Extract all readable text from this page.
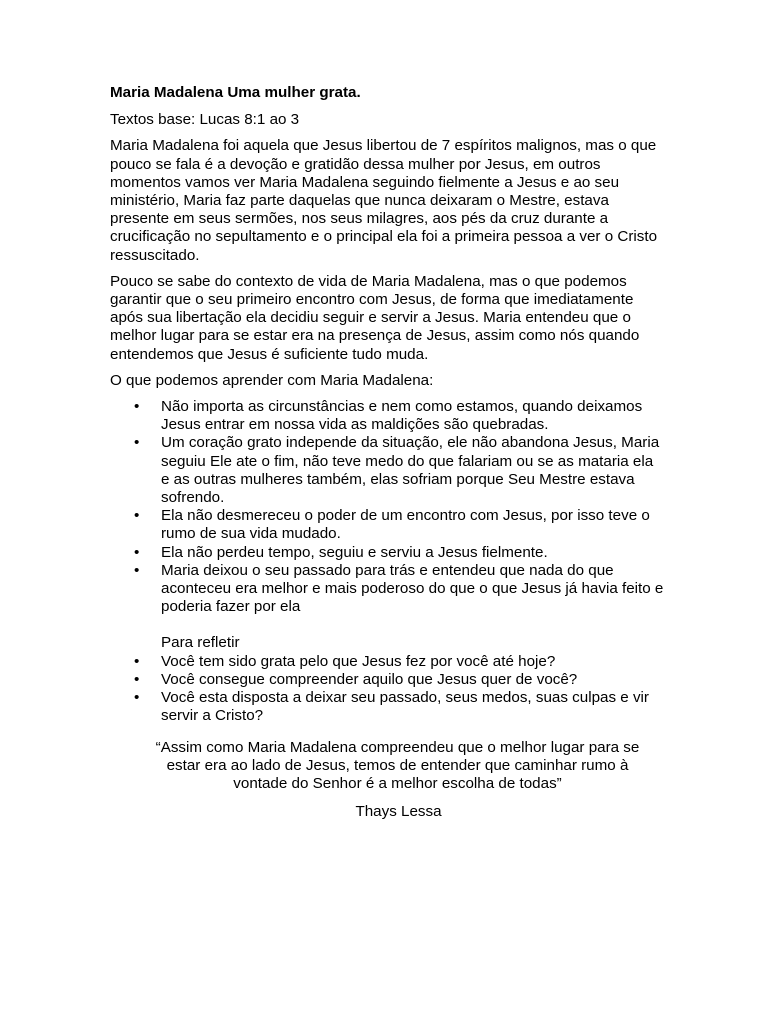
Maria Madalena Uma mulher grata.

Textos base: Lucas 8:1 ao 3

Maria Madalena foi aquela que Jesus libertou de 7 espíritos malignos, mas o que pouco se fala é a devoção e gratidão dessa mulher por Jesus, em outros momentos vamos ver Maria Madalena seguindo fielmente a Jesus e ao seu ministério, Maria faz parte daquelas que nunca deixaram o Mestre, estava presente em seus sermões, nos seus milagres, aos pés da cruz durante a crucificação no sepultamento e o principal ela foi a primeira pessoa a ver o Cristo ressuscitado.

Pouco se sabe do contexto de vida de Maria Madalena, mas o que podemos garantir que o seu primeiro encontro com Jesus, de forma que imediatamente após sua libertação ela decidiu seguir e servir a Jesus. Maria entendeu que o melhor lugar para se estar era na presença de Jesus, assim como nós quando entendemos que Jesus é suficiente tudo muda.

O que podemos aprender com Maria Madalena:

• Não importa as circunstâncias e nem como estamos, quando deixamos Jesus entrar em nossa vida as maldições são quebradas.
• Um coração grato independe da situação, ele não abandona Jesus, Maria seguiu Ele ate o fim, não teve medo do que falariam ou se as mataria ela e as outras mulheres também, elas sofriam porque Seu Mestre estava sofrendo.
• Ela não desmereceu o poder de um encontro com Jesus, por isso teve o rumo de sua vida mudado.
• Ela não perdeu tempo, seguiu e serviu a Jesus fielmente.
• Maria deixou o seu passado para trás e entendeu que nada do que aconteceu era melhor e mais poderoso do que o que Jesus já havia feito e poderia fazer por ela
Para refletir
• Você tem sido grata pelo que Jesus fez por você até hoje?
• Você consegue compreender aquilo que Jesus quer de você?
• Você esta disposta a deixar seu passado, seus medos, suas culpas e vir servir a Cristo?

“Assim como Maria Madalena compreendeu que o melhor lugar para se estar era ao lado de Jesus, temos de entender que caminhar rumo à vontade do Senhor é a melhor escolha de todas”

Thays Lessa
